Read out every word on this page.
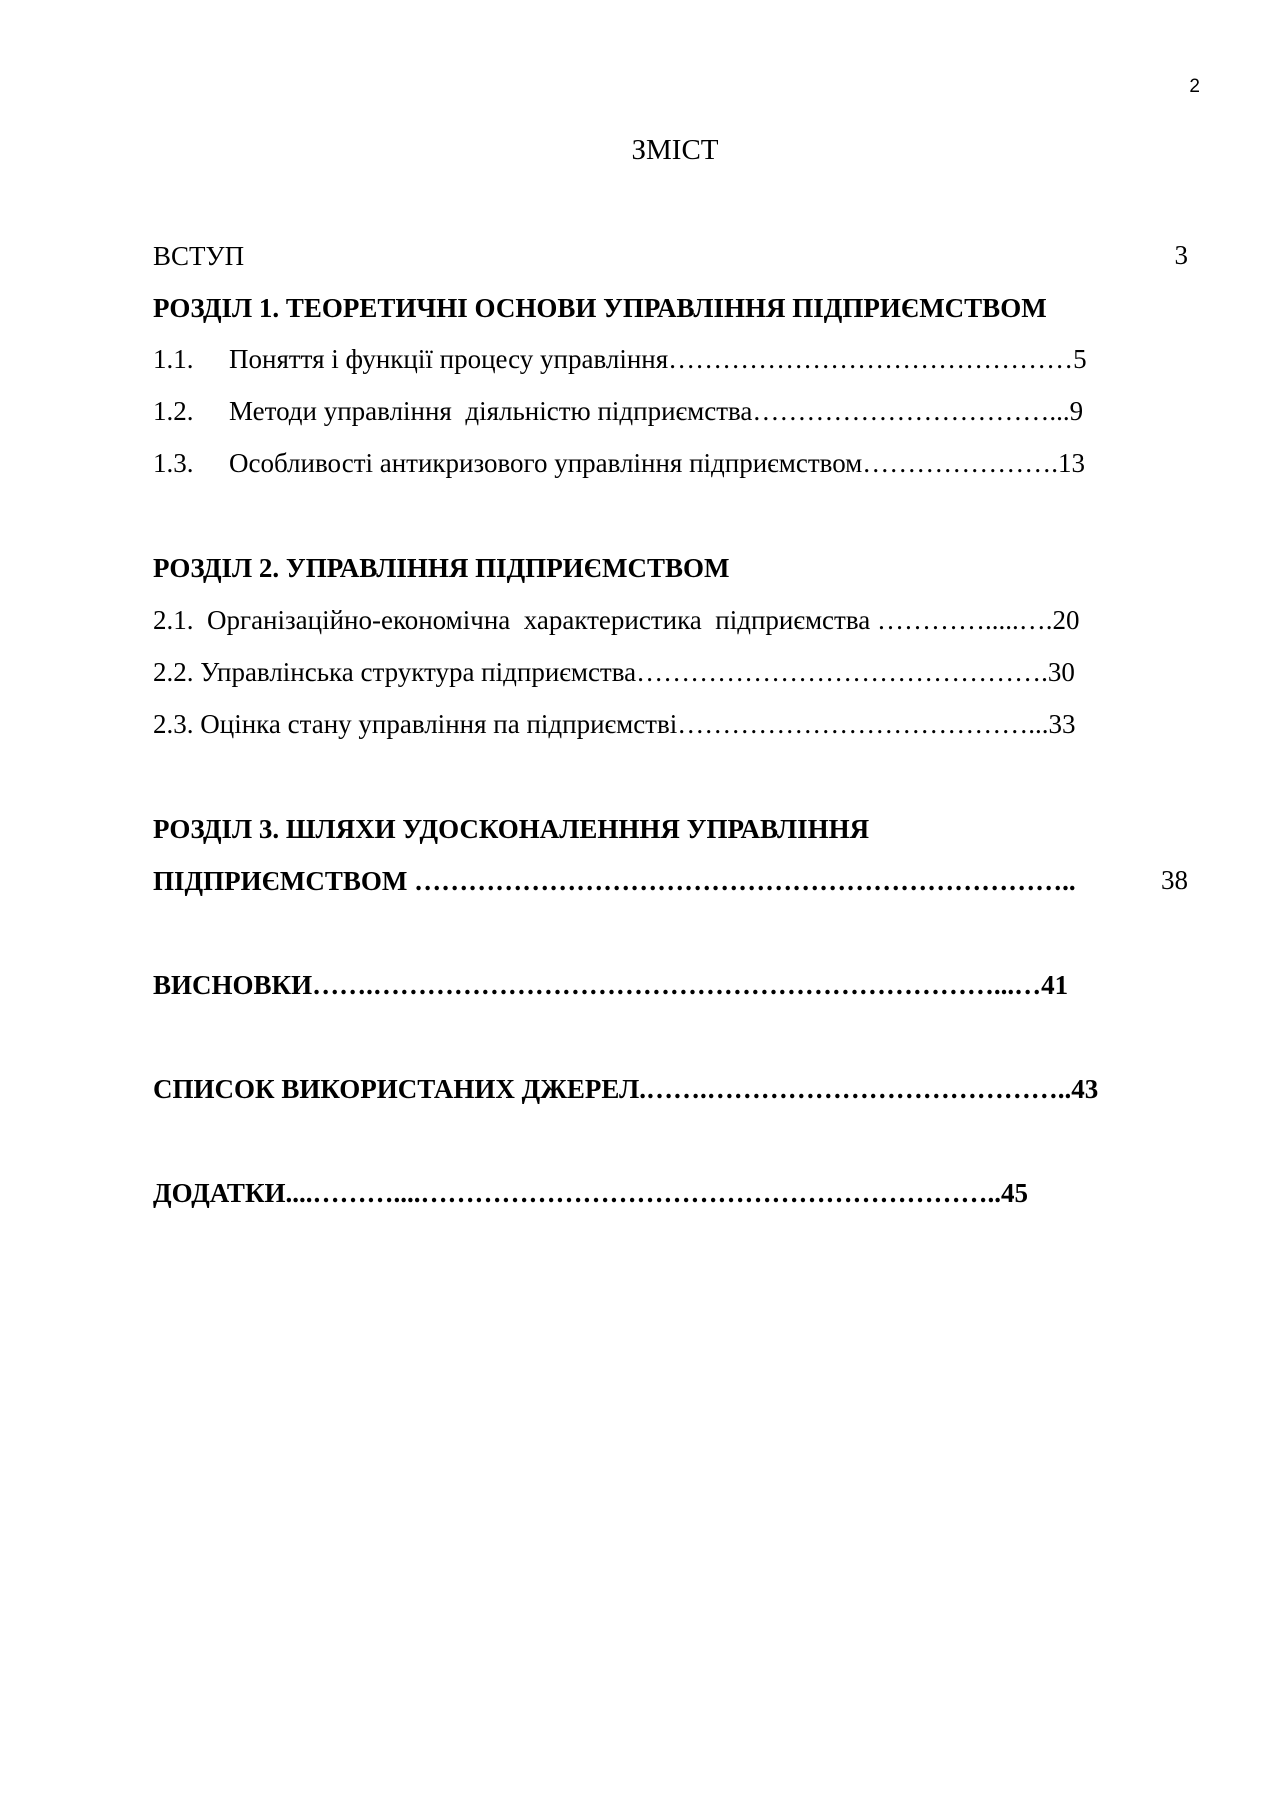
2
ЗМІСТ
ВСТУП	3
РОЗДІЛ 1. ТЕОРЕТИЧНІ ОСНОВИ УПРАВЛІННЯ ПІДПРИЄМСТВОМ
1.1. Поняття і функції процесу управління………………………………………5
1.2. Методи управління  діяльністю підприємства……………………………...9
1.3. Особливості антикризового управління підприємством………………….13
РОЗДІЛ 2. УПРАВЛІННЯ ПІДПРИЄМСТВОМ
2.1.  Організаційно-економічна  характеристика  підприємства ………….....….20
2.2. Управлінська структура підприємства……………………………………….30
2.3. Оцінка стану управління па підприємстві…………………………………...33
РОЗДІЛ 3. ШЛЯХИ УДОСКОНАЛЕНННЯ УПРАВЛІННЯ
ПІДПРИЄМСТВОМ ………………………………………………………………..	38
ВИСНОВКИ…….……………………………………………………………...…41
СПИСОК ВИКОРИСТАНИХ ДЖЕРЕЛ.…….…………………………………..43
ДОДАТКИ....………....………………………………………………………..45
